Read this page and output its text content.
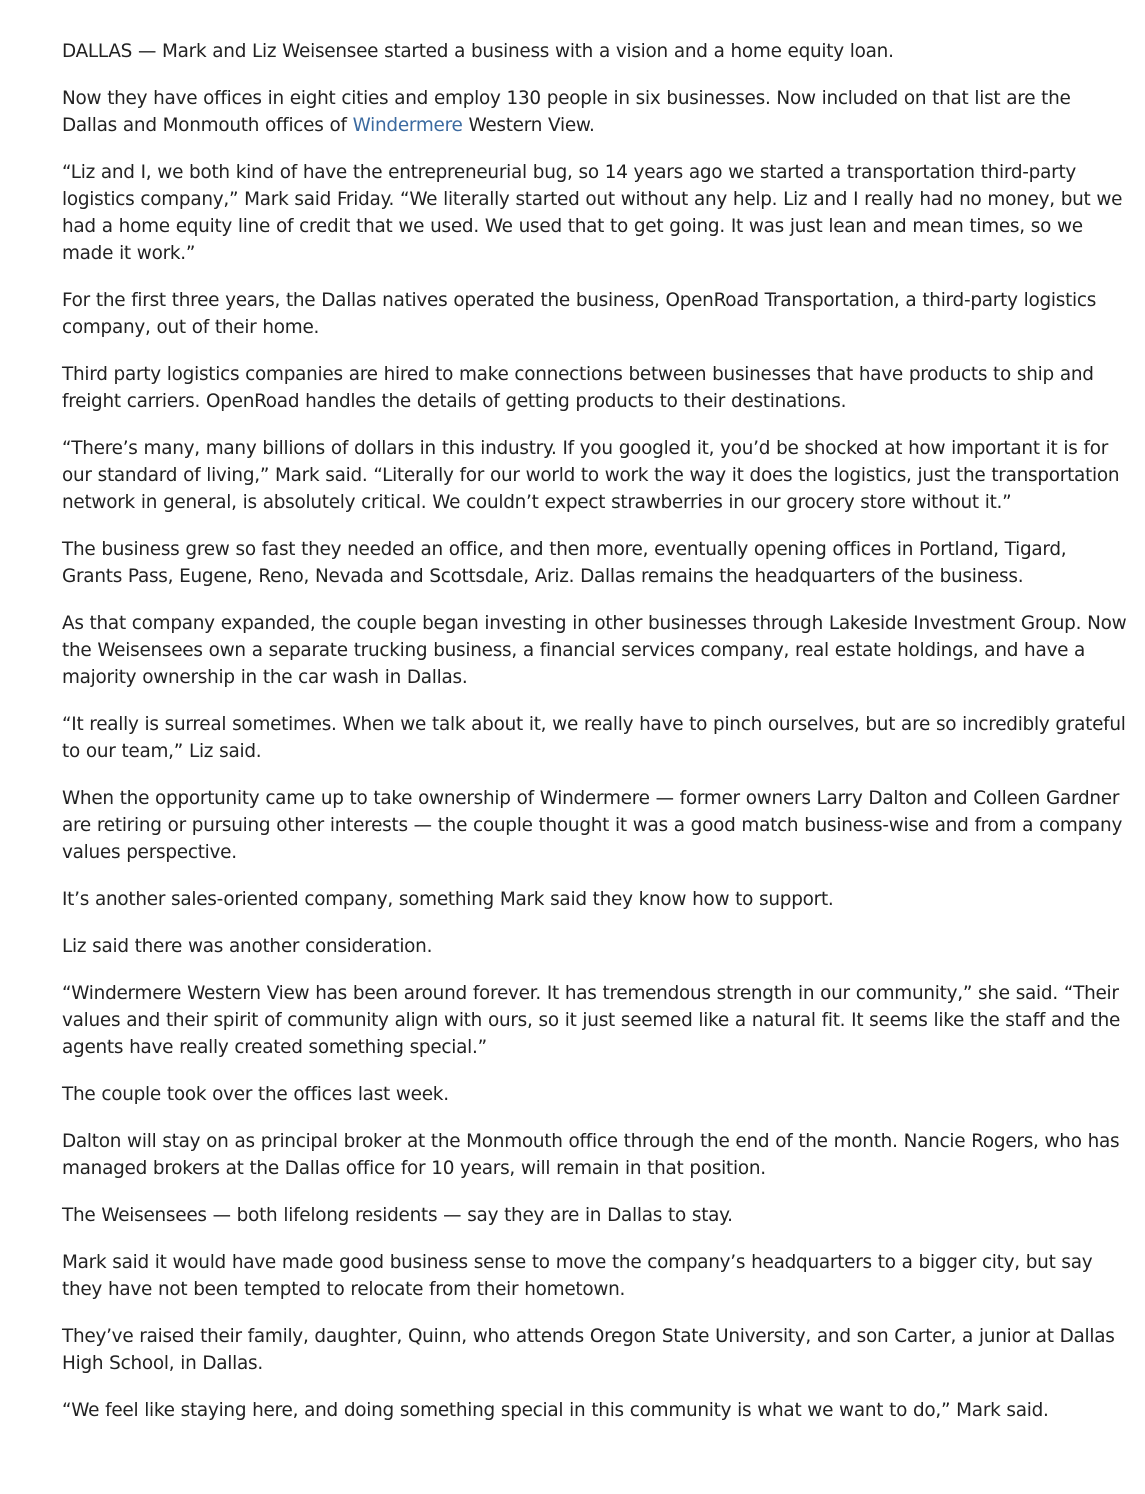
DALLAS — Mark and Liz Weisensee started a business with a vision and a home equity loan.

Now they have offices in eight cities and employ 130 people in six businesses. Now included on that list are the Dallas and Monmouth offices of Windermere Western View.

“Liz and I, we both kind of have the entrepreneurial bug, so 14 years ago we started a transportation third-party logistics company,” Mark said Friday. “We literally started out without any help. Liz and I really had no money, but we had a home equity line of credit that we used. We used that to get going. It was just lean and mean times, so we made it work.”

For the first three years, the Dallas natives operated the business, OpenRoad Transportation, a third-party logistics company, out of their home.

Third party logistics companies are hired to make connections between businesses that have products to ship and freight carriers. OpenRoad handles the details of getting products to their destinations.

“There’s many, many billions of dollars in this industry. If you googled it, you’d be shocked at how important it is for our standard of living,” Mark said. “Literally for our world to work the way it does the logistics, just the transportation network in general, is absolutely critical. We couldn’t expect strawberries in our grocery store without it.”

The business grew so fast they needed an office, and then more, eventually opening offices in Portland, Tigard, Grants Pass, Eugene, Reno, Nevada and Scottsdale, Ariz. Dallas remains the headquarters of the business.

As that company expanded, the couple began investing in other businesses through Lakeside Investment Group. Now the Weisensees own a separate trucking business, a financial services company, real estate holdings, and have a majority ownership in the car wash in Dallas.

“It really is surreal sometimes. When we talk about it, we really have to pinch ourselves, but are so incredibly grateful to our team,” Liz said.

When the opportunity came up to take ownership of Windermere — former owners Larry Dalton and Colleen Gardner are retiring or pursuing other interests — the couple thought it was a good match business-wise and from a company values perspective.

It’s another sales-oriented company, something Mark said they know how to support.

Liz said there was another consideration.

“Windermere Western View has been around forever. It has tremendous strength in our community,” she said. “Their values and their spirit of community align with ours, so it just seemed like a natural fit. It seems like the staff and the agents have really created something special.”

The couple took over the offices last week.

Dalton will stay on as principal broker at the Monmouth office through the end of the month. Nancie Rogers, who has managed brokers at the Dallas office for 10 years, will remain in that position.

The Weisensees — both lifelong residents — say they are in Dallas to stay.

Mark said it would have made good business sense to move the company’s headquarters to a bigger city, but say they have not been tempted to relocate from their hometown.

They’ve raised their family, daughter, Quinn, who attends Oregon State University, and son Carter, a junior at Dallas High School, in Dallas.

“We feel like staying here, and doing something special in this community is what we want to do,” Mark said.
